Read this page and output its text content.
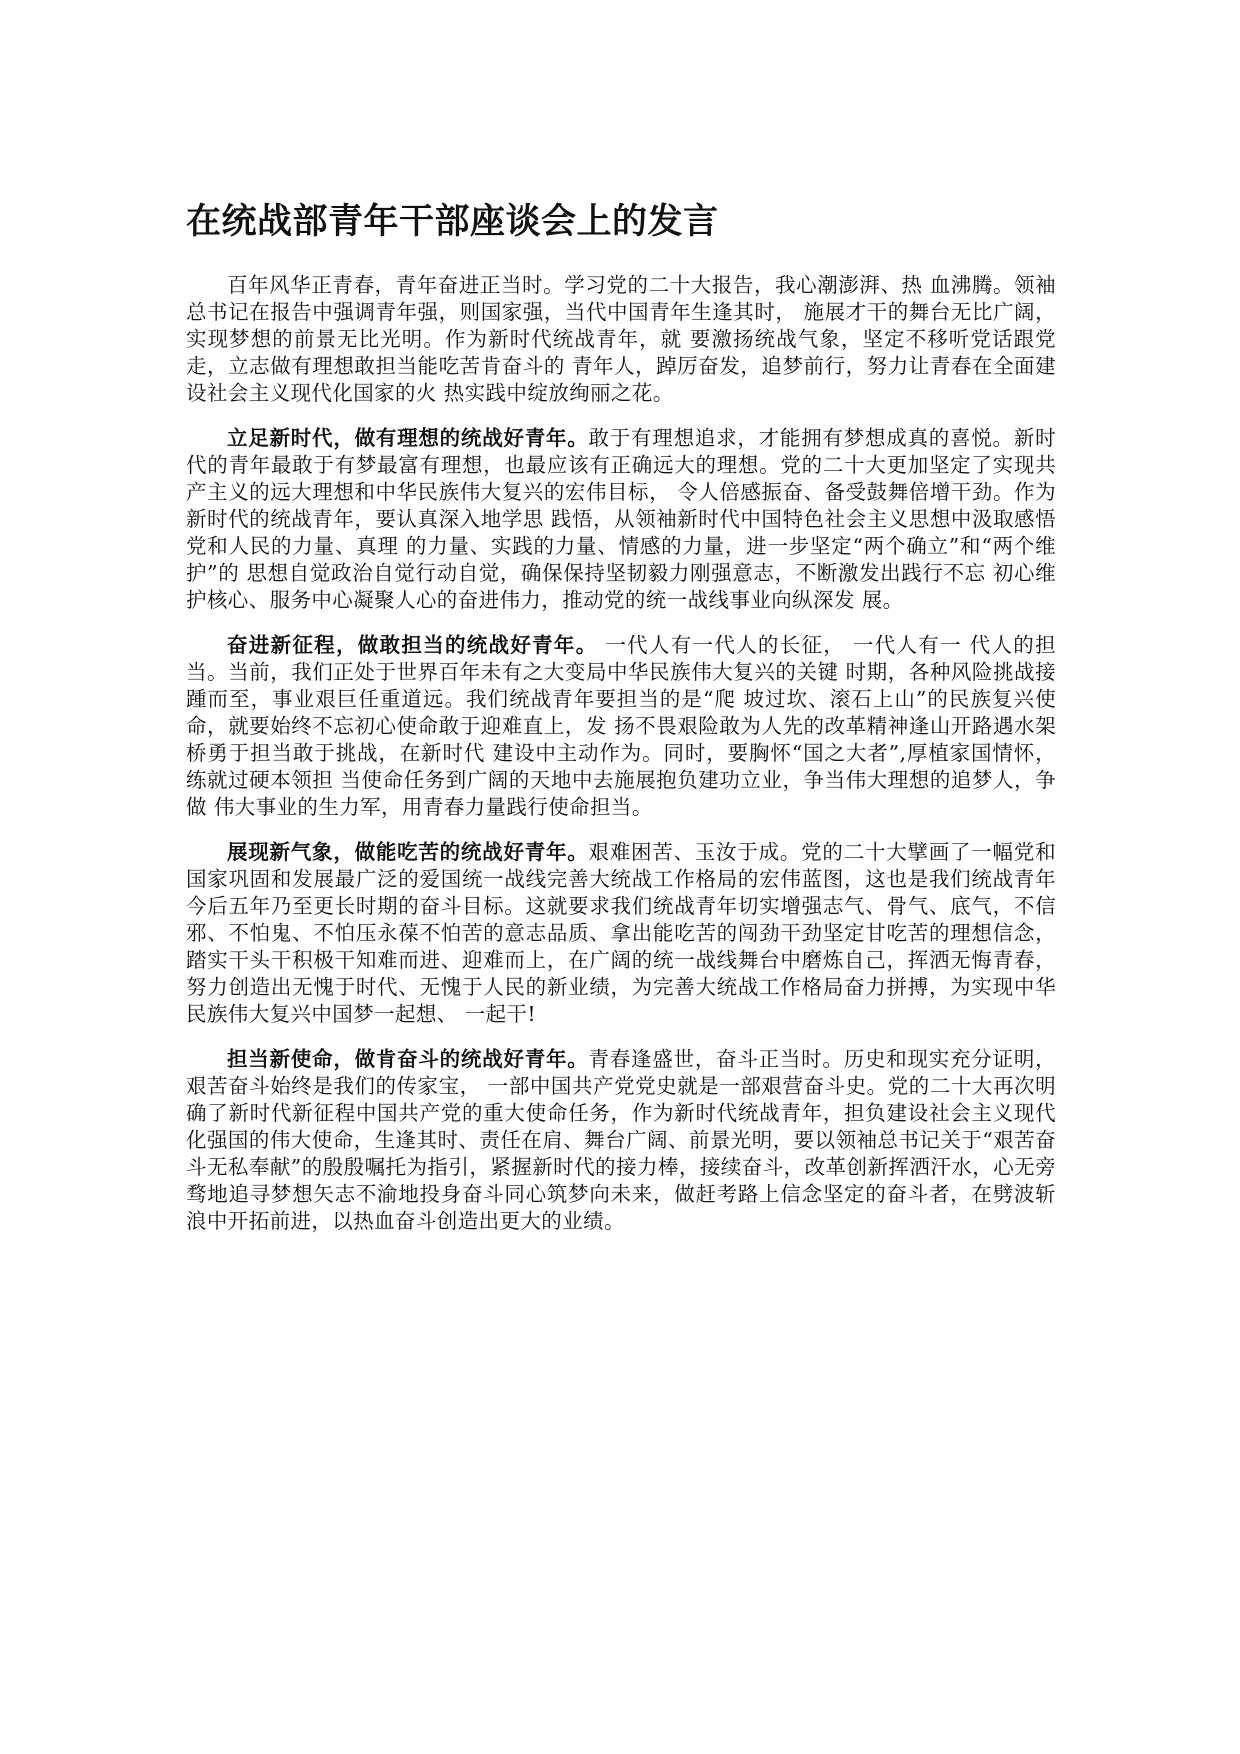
在统战部青年干部座谈会上的发言

百年风华正青春，青年奋进正当时。学习党的二十大报告，我心潮澎湃、热 血沸腾。领袖总书记在报告中强调青年强，则国家强，当代中国青年生逢其时， 施展才干的舞台无比广阔，实现梦想的前景无比光明。作为新时代统战青年，就 要激扬统战气象，坚定不移听党话跟党走，立志做有理想敢担当能吃苦肯奋斗的 青年人，踔厉奋发，追梦前行，努力让青春在全面建设社会主义现代化国家的火 热实践中绽放绚丽之花。

立足新时代，做有理想的统战好青年。敢于有理想追求，才能拥有梦想成真的喜悦。新时代的青年最敢于有梦最富有理想，也最应该有正确远大的理想。党的二十大更加坚定了实现共产主义的远大理想和中华民族伟大复兴的宏伟目标， 令人倍感振奋、备受鼓舞倍增干劲。作为新时代的统战青年，要认真深入地学思 践悟，从领袖新时代中国特色社会主义思想中汲取感悟党和人民的力量、真理 的力量、实践的力量、情感的力量，进一步坚定“两个确立”和“两个维护”的 思想自觉政治自觉行动自觉，确保保持坚韧毅力刚强意志，不断激发出践行不忘 初心维护核心、服务中心凝聚人心的奋进伟力，推动党的统一战线事业向纵深发 展。

奋进新征程，做敢担当的统战好青年。 一代人有一代人的长征， 一代人有一 代人的担当。当前，我们正处于世界百年未有之大变局中华民族伟大复兴的关键 时期，各种风险挑战接踵而至，事业艰巨任重道远。我们统战青年要担当的是“爬 坡过坎、滚石上山”的民族复兴使命，就要始终不忘初心使命敢于迎难直上，发 扬不畏艰险敢为人先的改革精神逢山开路遇水架桥勇于担当敢于挑战，在新时代 建设中主动作为。同时，要胸怀“国之大者”,厚植家国情怀，练就过硬本领担 当使命任务到广阔的天地中去施展抱负建功立业，争当伟大理想的追梦人，争做 伟大事业的生力军，用青春力量践行使命担当。

展现新气象，做能吃苦的统战好青年。艰难困苦、玉汝于成。党的二十大擘画了一幅党和国家巩固和发展最广泛的爱国统一战线完善大统战工作格局的宏伟蓝图，这也是我们统战青年今后五年乃至更长时期的奋斗目标。这就要求我们统战青年切实增强志气、骨气、底气，不信邪、不怕鬼、不怕压永葆不怕苦的意志品质、拿出能吃苦的闯劲干劲坚定甘吃苦的理想信念，踏实干头干积极干知难而进、迎难而上，在广阔的统一战线舞台中磨炼自己，挥洒无悔青春，努力创造出无愧于时代、无愧于人民的新业绩，为完善大统战工作格局奋力拼搏，为实现中华民族伟大复兴中国梦一起想、 一起干!

担当新使命，做肯奋斗的统战好青年。青春逢盛世，奋斗正当时。历史和现实充分证明，艰苦奋斗始终是我们的传家宝， 一部中国共产党党史就是一部艰营奋斗史。党的二十大再次明确了新时代新征程中国共产党的重大使命任务，作为新时代统战青年，担负建设社会主义现代化强国的伟大使命，生逢其时、责任在肩、舞台广阔、前景光明，要以领袖总书记关于“艰苦奋斗无私奉献”的殷殷嘱托为指引，紧握新时代的接力棒，接续奋斗，改革创新挥洒汗水，心无旁骛地追寻梦想矢志不渝地投身奋斗同心筑梦向未来，做赶考路上信念坚定的奋斗者，在劈波斩浪中开拓前进，以热血奋斗创造出更大的业绩。
